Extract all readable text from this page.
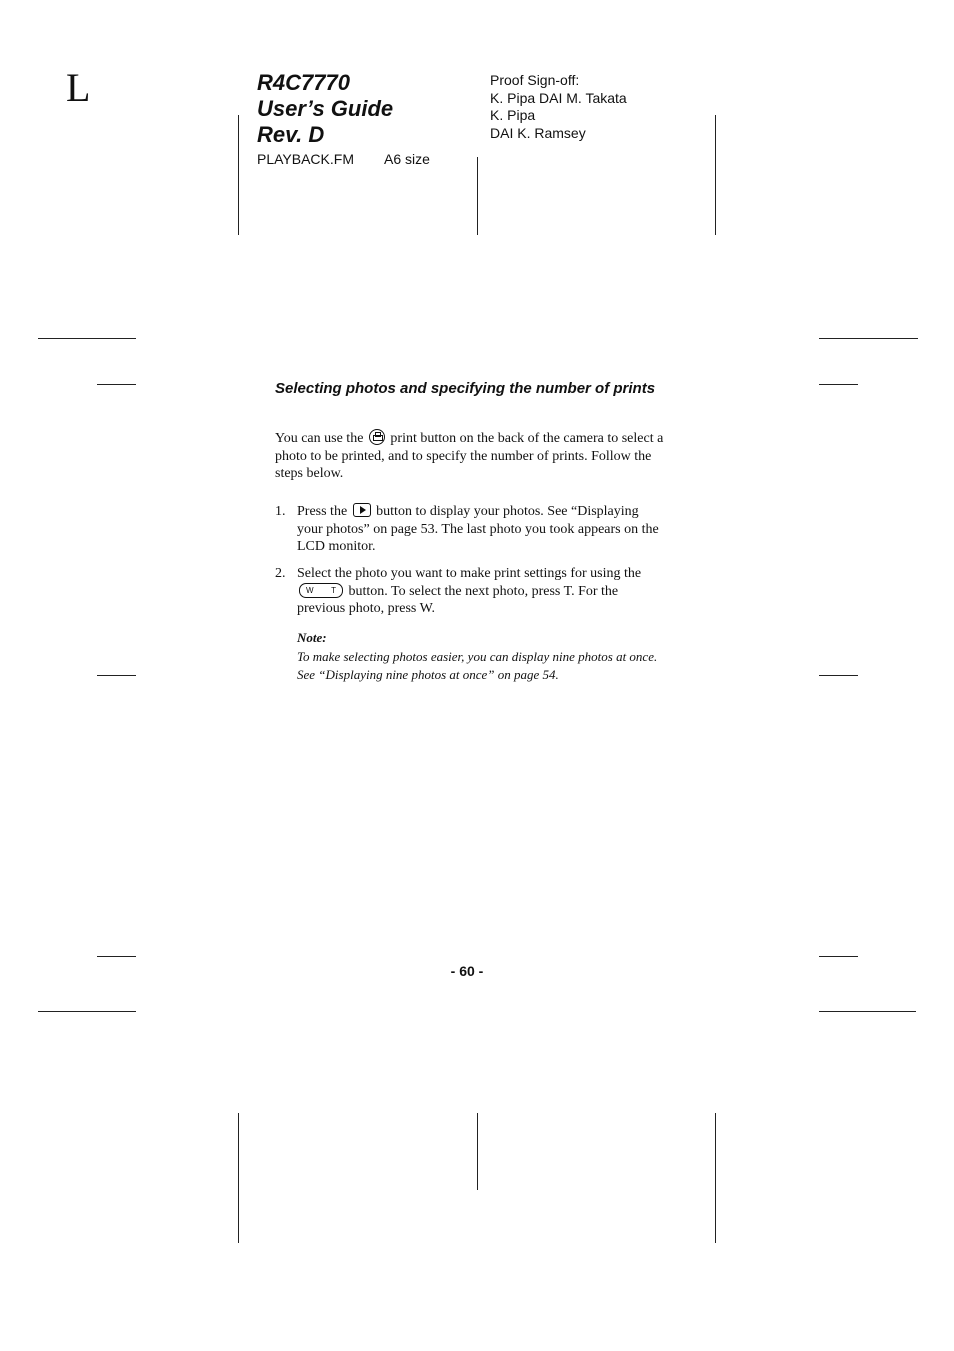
L	R4C7770
User’s Guide
Rev. D
PLAYBACK.FM A6 size
Proof Sign-off:
K. Pipa DAI M. Takata
K. Pipa
DAI K. Ramsey
Selecting photos and specifying the number of prints

You can use the print button on the back of the camera to select a photo to be printed, and to specify the number of prints. Follow the steps below.

1. Press the button to display your photos. See “Displaying your photos” on page 53. The last photo you took appears on the LCD monitor.
2. Select the photo you want to make print settings for using the
W T button. To select the next photo, press T. For the previous photo, press W.
Note:

To make selecting photos easier, you can display nine photos at once. See “Displaying nine photos at once” on page 54.

- 60 -
